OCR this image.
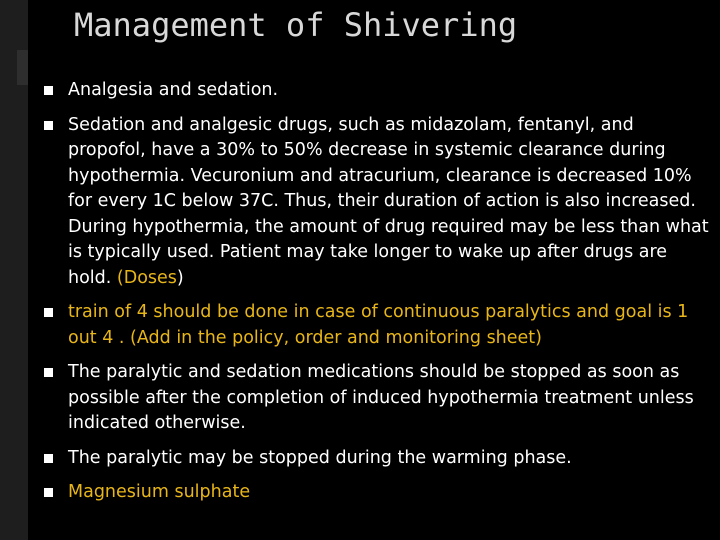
Management of Shivering
Analgesia and sedation.
Sedation and analgesic drugs, such as midazolam, fentanyl, and propofol, have a 30% to 50% decrease in systemic clearance during hypothermia. Vecuronium and atracurium, clearance is decreased 10% for every 1C below 37C. Thus, their duration of action is also increased. During hypothermia, the amount of drug required may be less than what is typically used. Patient may take longer to wake up after drugs are hold. (Doses)
train of 4 should be done in case of continuous paralytics and goal is 1 out 4 . (Add in the policy, order and monitoring sheet)
The paralytic and sedation medications should be stopped as soon as possible after the completion of induced hypothermia treatment unless indicated otherwise.
The paralytic may be stopped during the warming phase.
Magnesium sulphate
